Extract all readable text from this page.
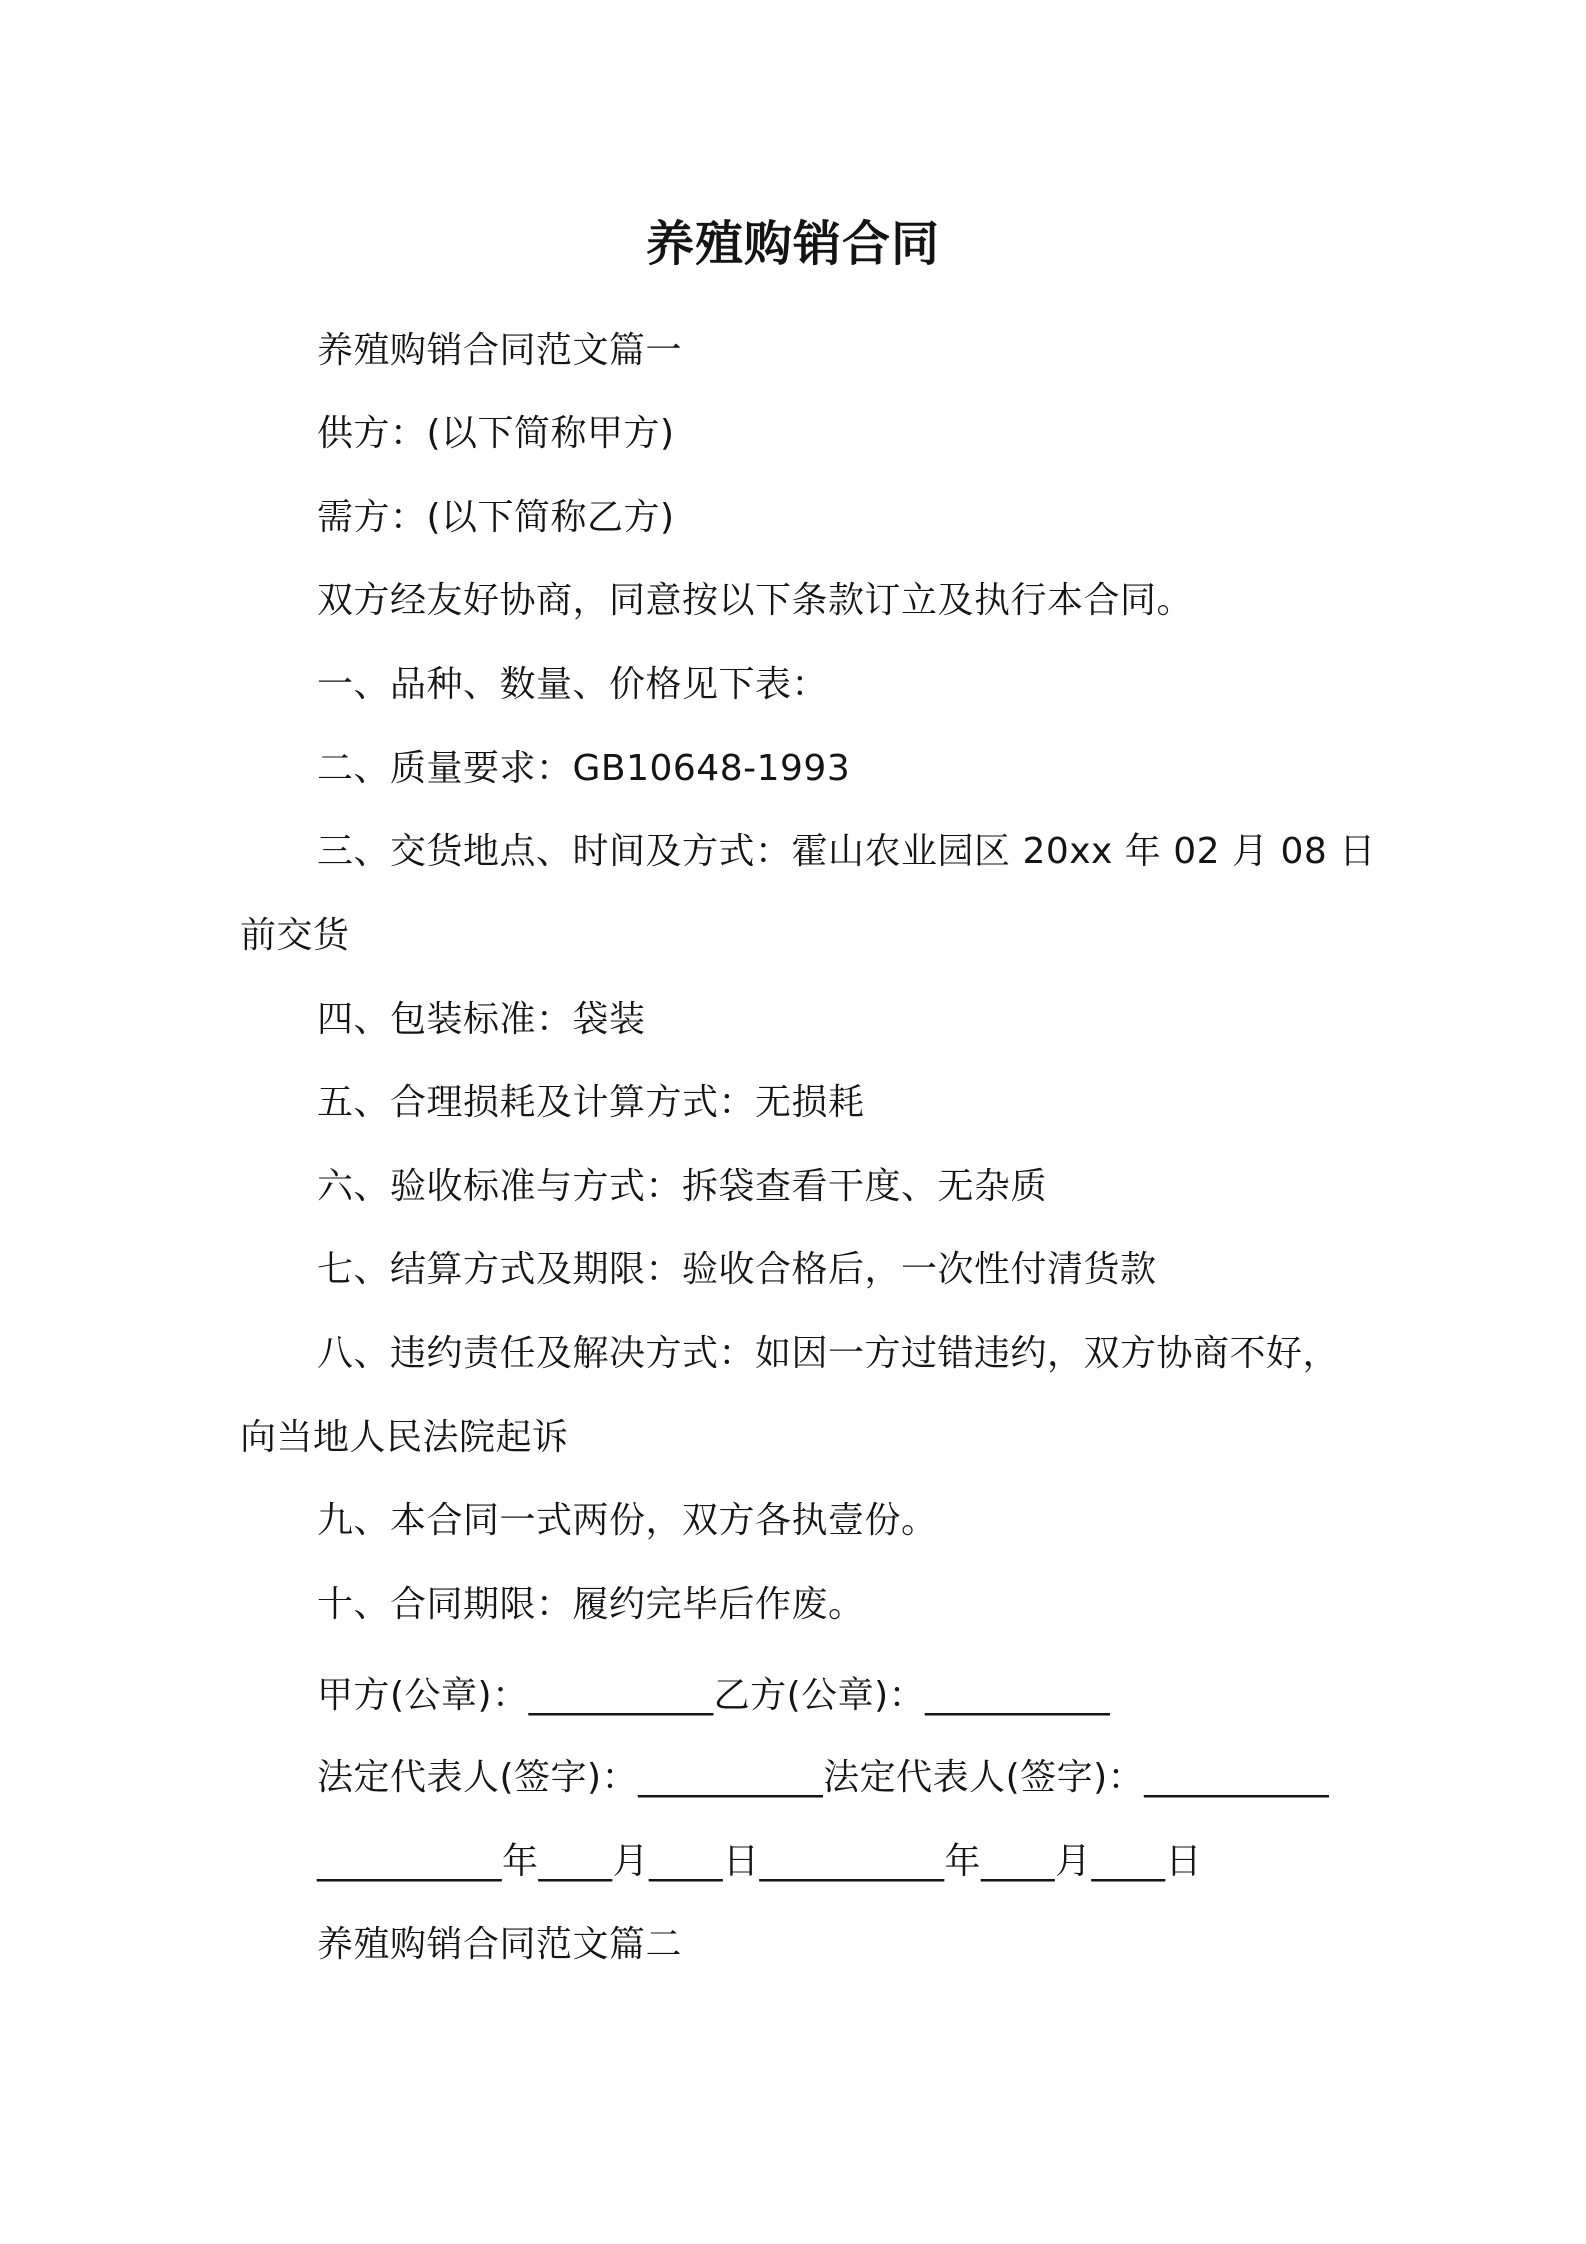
养殖购销合同
养殖购销合同范文篇一
供方：(以下简称甲方)
需方：(以下简称乙方)
双方经友好协商，同意按以下条款订立及执行本合同。
一、品种、数量、价格见下表：
二、质量要求：GB10648-1993
三、交货地点、时间及方式：霍山农业园区 20xx 年 02 月 08 日
前交货
四、包装标准：袋装
五、合理损耗及计算方式：无损耗
六、验收标准与方式：拆袋查看干度、无杂质
七、结算方式及期限：验收合格后，一次性付清货款
八、违约责任及解决方式：如因一方过错违约，双方协商不好，
向当地人民法院起诉
九、本合同一式两份，双方各执壹份。
十、合同期限：履约完毕后作废。
甲方(公章)：__________乙方(公章)：__________
法定代表人(签字)：__________法定代表人(签字)：__________
__________年____月____日__________年____月____日
养殖购销合同范文篇二
